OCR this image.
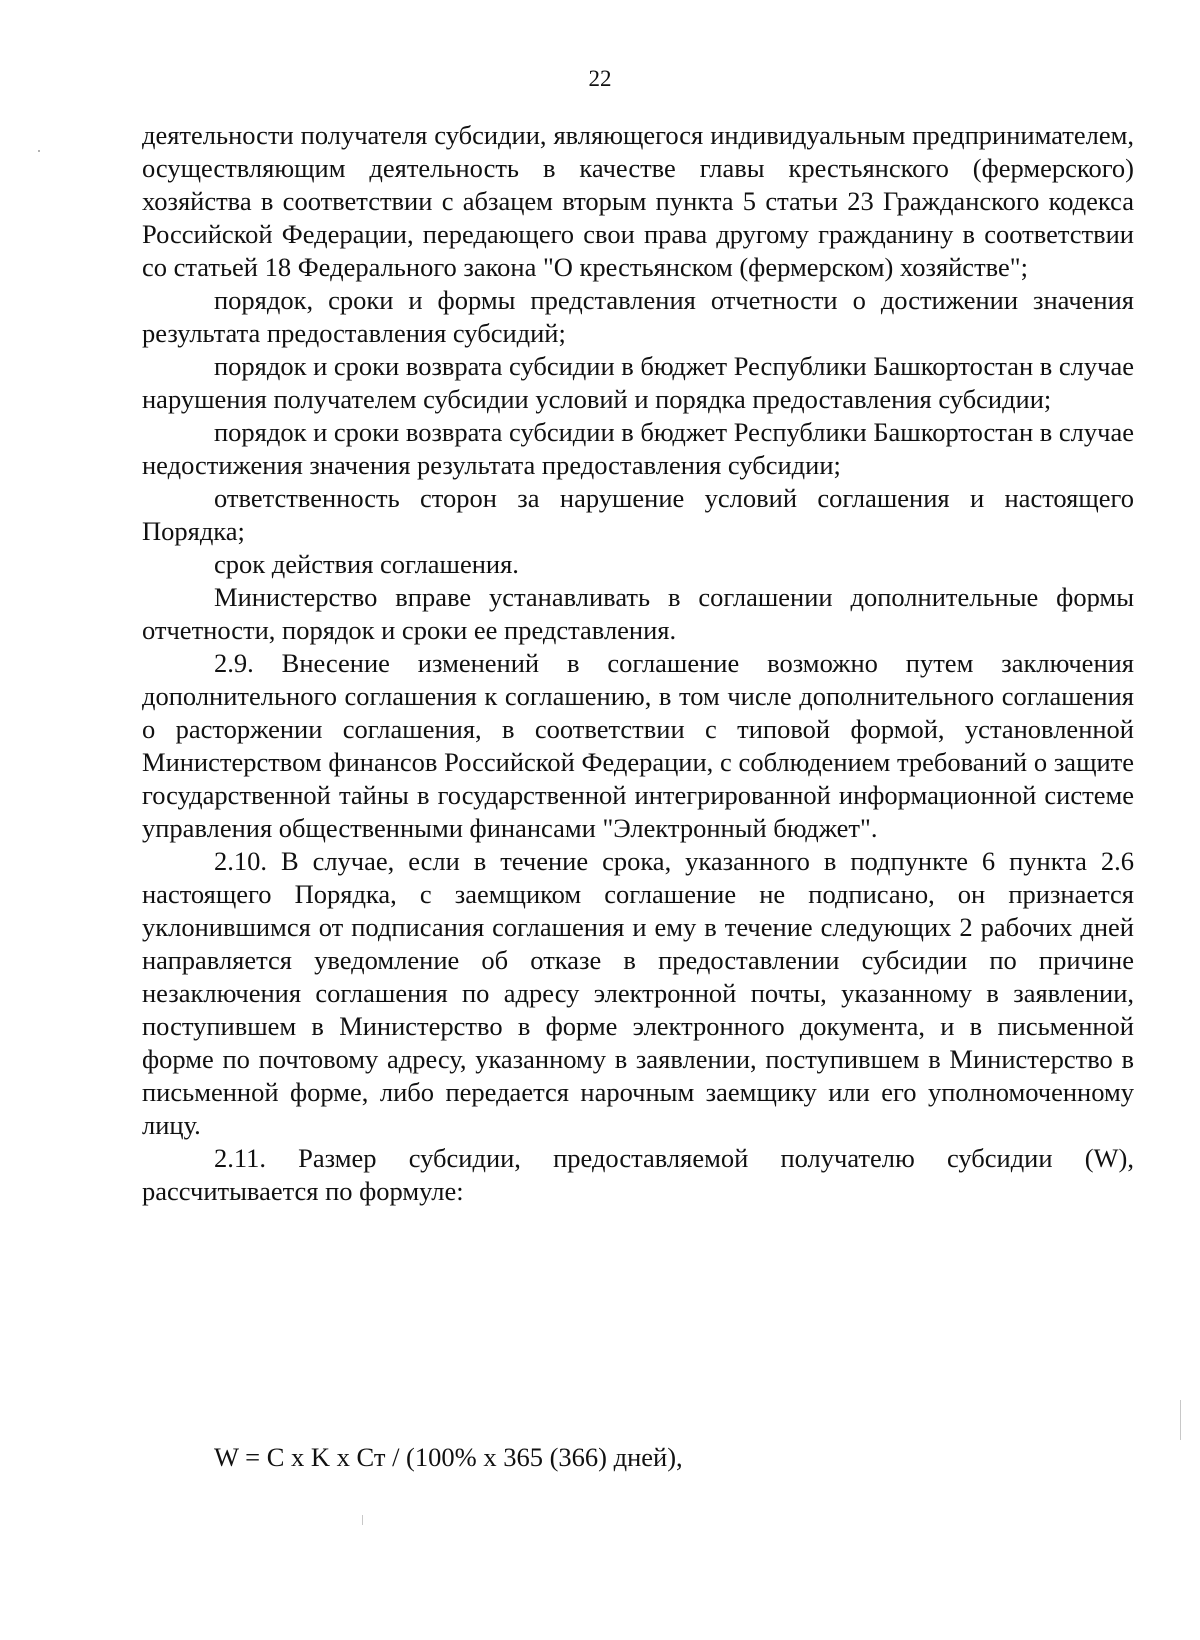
22

деятельности получателя субсидии, являющегося индивидуальным предпринимателем, осуществляющим деятельность в качестве главы крестьянского (фермерского) хозяйства в соответствии с абзацем вторым пункта 5 статьи 23 Гражданского кодекса Российской Федерации, передающего свои права другому гражданину в соответствии со статьей 18 Федерального закона "О крестьянском (фермерском) хозяйстве";

порядок, сроки и формы представления отчетности о достижении значения результата предоставления субсидий;

порядок и сроки возврата субсидии в бюджет Республики Башкортостан в случае нарушения получателем субсидии условий и порядка предоставления субсидии;

порядок и сроки возврата субсидии в бюджет Республики Башкортостан в случае недостижения значения результата предоставления субсидии;

ответственность сторон за нарушение условий соглашения и настоящего Порядка;

срок действия соглашения.

Министерство вправе устанавливать в соглашении дополнительные формы отчетности, порядок и сроки ее представления.

2.9. Внесение изменений в соглашение возможно путем заключения дополнительного соглашения к соглашению, в том числе дополнительного соглашения о расторжении соглашения, в соответствии с типовой формой, установленной Министерством финансов Российской Федерации, с соблюдением требований о защите государственной тайны в государственной интегрированной информационной системе управления общественными финансами "Электронный бюджет".

2.10. В случае, если в течение срока, указанного в подпункте 6 пункта 2.6 настоящего Порядка, с заемщиком соглашение не подписано, он признается уклонившимся от подписания соглашения и ему в течение следующих 2 рабочих дней направляется уведомление об отказе в предоставлении субсидии по причине незаключения соглашения по адресу электронной почты, указанному в заявлении, поступившем в Министерство в форме электронного документа, и в письменной форме по почтовому адресу, указанному в заявлении, поступившем в Министерство в письменной форме, либо передается нарочным заемщику или его уполномоченному лицу.

2.11. Размер субсидии, предоставляемой получателю субсидии (W), рассчитывается по формуле:

W = C x K x Ст / (100% x 365 (366) дней),
